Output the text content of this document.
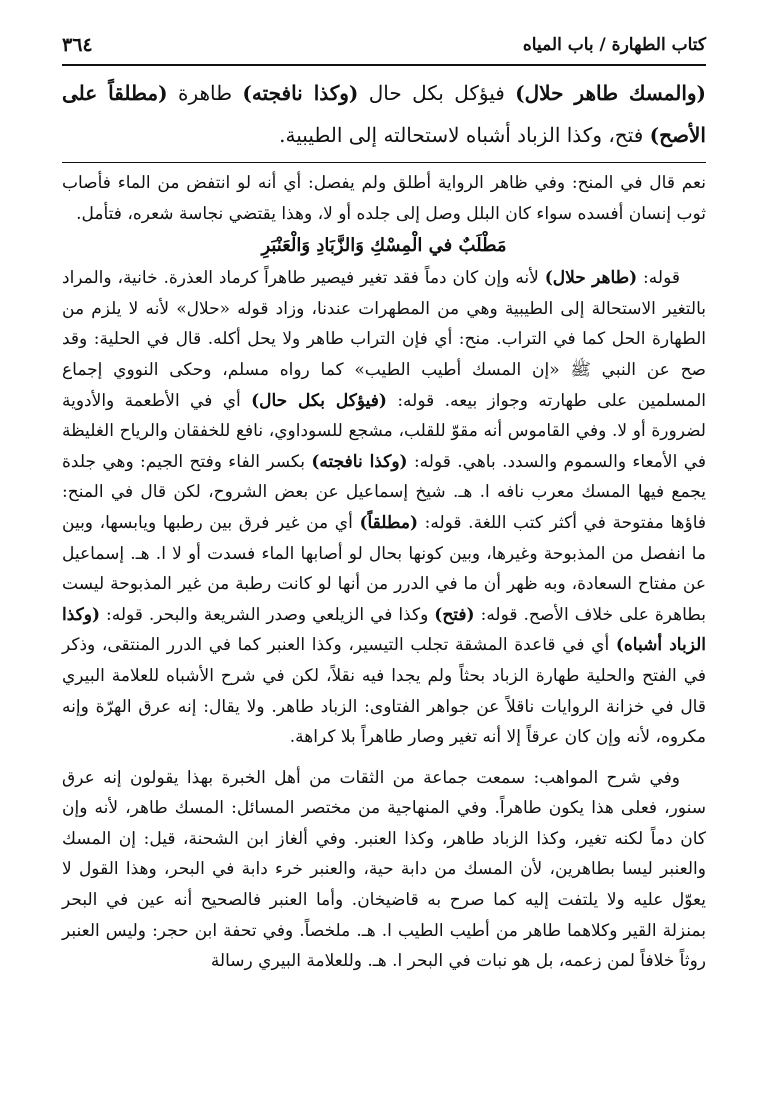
كتاب الطهارة / باب المياه
٣٦٤
(والمسك طاهر حلال) فيؤكل بكل حال (وكذا نافجته) طاهرة (مطلقاً على الأصح) فتح، وكذا الزباد أشباه لاستحالته إلى الطيبية.

نعم قال في المنح: وفي ظاهر الرواية أطلق ولم يفصل: أي أنه لو انتفض من الماء فأصاب ثوب إنسان أفسده سواء كان البلل وصل إلى جلده أو لا، وهذا يقتضي نجاسة شعره، فتأمل.

مَطْلَبٌ في الْمِسْكِ وَالزَّبَادِ وَالْعَنْبَرِ

قوله: (طاهر حلال) لأنه وإن كان دماً فقد تغير فيصير طاهراً كرماد العذرة. خانية، والمراد بالتغير الاستحالة إلى الطيبية وهي من المطهرات عندنا، وزاد قوله «حلال» لأنه لا يلزم من الطهارة الحل كما في التراب. منح: أي فإن التراب طاهر ولا يحل أكله. قال في الحلية: وقد صح عن النبي ﷺ «إن المسك أطيب الطيب» كما رواه مسلم، وحكى النووي إجماع المسلمين على طهارته وجواز بيعه. قوله: (فيؤكل بكل حال) أي في الأطعمة والأدوية لضرورة أو لا. وفي القاموس أنه مقوّ للقلب، مشجع للسوداوي، نافع للخفقان والرياح الغليظة في الأمعاء والسموم والسدد. باهي. قوله: (وكذا نافجته) بكسر الفاء وفتح الجيم: وهي جلدة يجمع فيها المسك معرب نافه ا. هـ. شيخ إسماعيل عن بعض الشروح، لكن قال في المنح: فاؤها مفتوحة في أكثر كتب اللغة. قوله: (مطلقاً) أي من غير فرق بين رطبها ويابسها، وبين ما انفصل من المذبوحة وغيرها، وبين كونها بحال لو أصابها الماء فسدت أو لا ا. هـ. إسماعيل عن مفتاح السعادة، وبه ظهر أن ما في الدرر من أنها لو كانت رطبة من غير المذبوحة ليست بطاهرة على خلاف الأصح. قوله: (فتح) وكذا في الزيلعي وصدر الشريعة والبحر. قوله: (وكذا الزباد أشباه) أي في قاعدة المشقة تجلب التيسير، وكذا العنبر كما في الدرر المنتقى، وذكر في الفتح والحلية طهارة الزباد بحثاً ولم يجدا فيه نقلاً، لكن في شرح الأشباه للعلامة البيري قال في خزانة الروايات ناقلاً عن جواهر الفتاوى: الزباد طاهر. ولا يقال: إنه عرق الهرّة وإنه مكروه، لأنه وإن كان عرقاً إلا أنه تغير وصار طاهراً بلا كراهة.

وفي شرح المواهب: سمعت جماعة من الثقات من أهل الخبرة بهذا يقولون إنه عرق سنور، فعلى هذا يكون طاهراً. وفي المنهاجية من مختصر المسائل: المسك طاهر، لأنه وإن كان دماً لكنه تغير، وكذا الزباد طاهر، وكذا العنبر. وفي ألغاز ابن الشحنة، قيل: إن المسك والعنبر ليسا بطاهرين، لأن المسك من دابة حية، والعنبر خرء دابة في البحر، وهذا القول لا يعوّل عليه ولا يلتفت إليه كما صرح به قاضيخان. وأما العنبر فالصحيح أنه عين في البحر بمنزلة القير وكلاهما طاهر من أطيب الطيب ا. هـ. ملخصاً. وفي تحفة ابن حجر: وليس العنبر روثاً خلافاً لمن زعمه، بل هو نبات في البحر ا. هـ. وللعلامة البيري رسالة
